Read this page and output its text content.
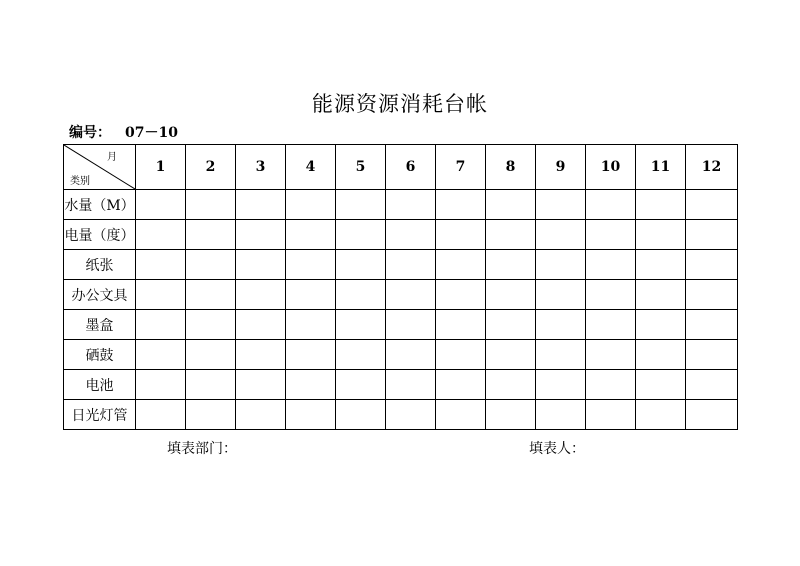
能源资源消耗台帐
编号： 07－10
月
类别	1	2	3	4	5	6	7	8	9	10	11	12
水量（M）												
电量（度）												
纸张												
办公文具												
墨盒												
硒鼓												
电池												
日光灯管												
填表部门：	填表人：
